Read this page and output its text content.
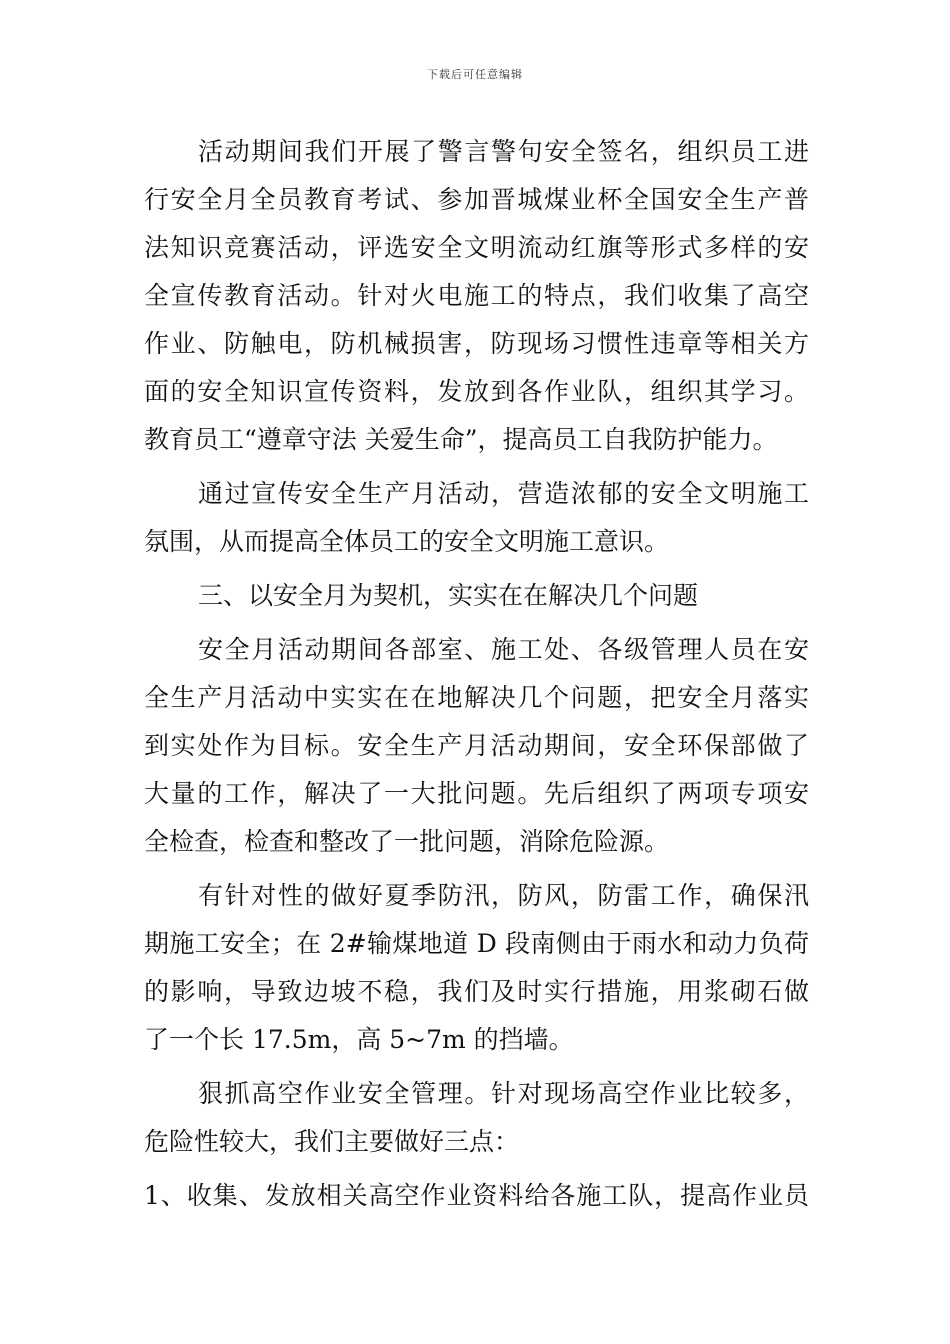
下载后可任意编辑
活动期间我们开展了警言警句安全签名，组织员工进
行安全月全员教育考试、参加晋城煤业杯全国安全生产普
法知识竞赛活动，评选安全文明流动红旗等形式多样的安
全宣传教育活动。针对火电施工的特点，我们收集了高空
作业、防触电，防机械损害，防现场习惯性违章等相关方
面的安全知识宣传资料，发放到各作业队，组织其学习。
教育员工“遵章守法 关爱生命”，提高员工自我防护能力。
通过宣传安全生产月活动，营造浓郁的安全文明施工
氛围，从而提高全体员工的安全文明施工意识。
三、以安全月为契机，实实在在解决几个问题
安全月活动期间各部室、施工处、各级管理人员在安
全生产月活动中实实在在地解决几个问题，把安全月落实
到实处作为目标。安全生产月活动期间，安全环保部做了
大量的工作，解决了一大批问题。先后组织了两项专项安
全检查，检查和整改了一批问题，消除危险源。
有针对性的做好夏季防汛，防风，防雷工作，确保汛
期施工安全；在 2#输煤地道 D 段南侧由于雨水和动力负荷
的影响，导致边坡不稳，我们及时实行措施，用浆砌石做
了一个长 17.5m，高 5~7m 的挡墙。
狠抓高空作业安全管理。针对现场高空作业比较多，
危险性较大，我们主要做好三点：
1、收集、发放相关高空作业资料给各施工队，提高作业员
